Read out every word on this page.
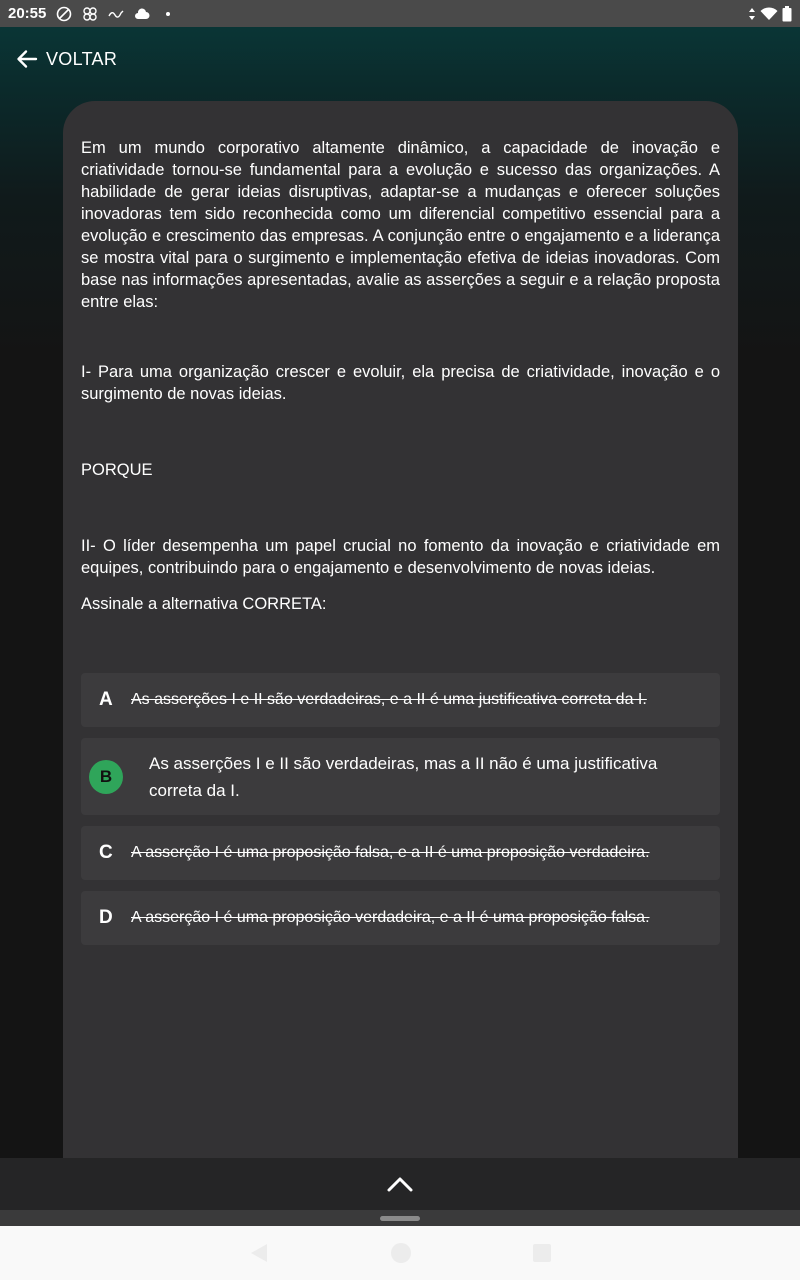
20:55
VOLTAR

Em um mundo corporativo altamente dinâmico, a capacidade de inovação e criatividade tornou-se fundamental para a evolução e sucesso das organizações. A habilidade de gerar ideias disruptivas, adaptar-se a mudanças e oferecer soluções inovadoras tem sido reconhecida como um diferencial competitivo essencial para a evolução e crescimento das empresas. A conjunção entre o engajamento e a liderança se mostra vital para o surgimento e implementação efetiva de ideias inovadoras. Com base nas informações apresentadas, avalie as asserções a seguir e a relação proposta entre elas:

I- Para uma organização crescer e evoluir, ela precisa de criatividade, inovação e o surgimento de novas ideias.

PORQUE

II- O líder desempenha um papel crucial no fomento da inovação e criatividade em equipes, contribuindo para o engajamento e desenvolvimento de novas ideias.

Assinale a alternativa CORRETA:

A	As asserções I e II são verdadeiras, e a II é uma justificativa correta da I.
B
As asserções I e II são verdadeiras, mas a II não é uma justificativa correta da I.
C	A asserção I é uma proposição falsa, e a II é uma proposição verdadeira.
D	A asserção I é uma proposição verdadeira, e a II é uma proposição falsa.
